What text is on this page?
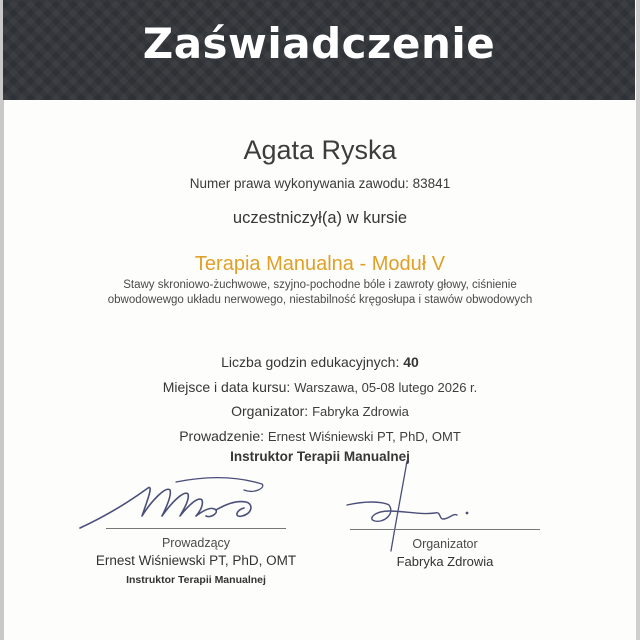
Zaświadczenie
Agata Ryska
Numer prawa wykonywania zawodu: 83841
uczestniczył(a) w kursie
Terapia Manualna - Moduł V
Stawy skroniowo-żuchwowe, szyjno-pochodne bóle i zawroty głowy, ciśnienie
obwodowewgo układu nerwowego, niestabilność kręgosłupa i stawów obwodowych
Liczba godzin edukacyjnych: 40
Miejsce i data kursu: Warszawa, 05-08 lutego 2026 r.
Organizator: Fabryka Zdrowia
Prowadzenie: Ernest Wiśniewski PT, PhD, OMT
Instruktor Terapii Manualnej
Prowadzący
Ernest Wiśniewski PT, PhD, OMT
Instruktor Terapii Manualnej
Organizator
Fabryka Zdrowia
